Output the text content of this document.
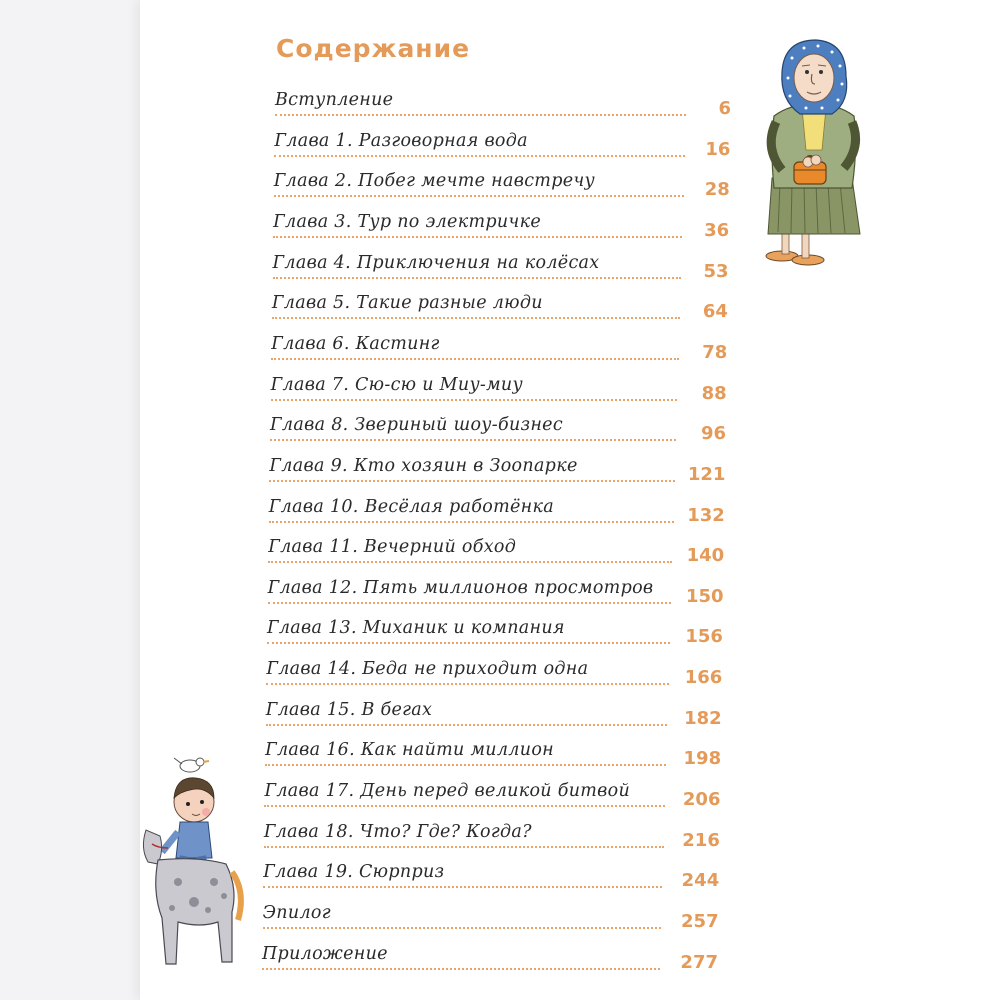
Содержание
Вступление	6
Глава 1. Разговорная вода	16
Глава 2. Побег мечте навстречу	28
Глава 3. Тур по электричке	36
Глава 4. Приключения на колёсах	53
Глава 5. Такие разные люди	64
Глава 6. Кастинг	78
Глава 7. Сю-сю и Миу-миу	88
Глава 8. Звериный шоу-бизнес	96
Глава 9. Кто хозяин в Зоопарке	121
Глава 10. Весёлая работёнка	132
Глава 11. Вечерний обход	140
Глава 12. Пять миллионов просмотров	150
Глава 13. Миханик и компания	156
Глава 14. Беда не приходит одна	166
Глава 15. В бегах	182
Глава 16. Как найти миллион	198
Глава 17. День перед великой битвой	206
Глава 18. Что? Где? Когда?	216
Глава 19. Сюрприз	244
Эпилог	257
Приложение	277
